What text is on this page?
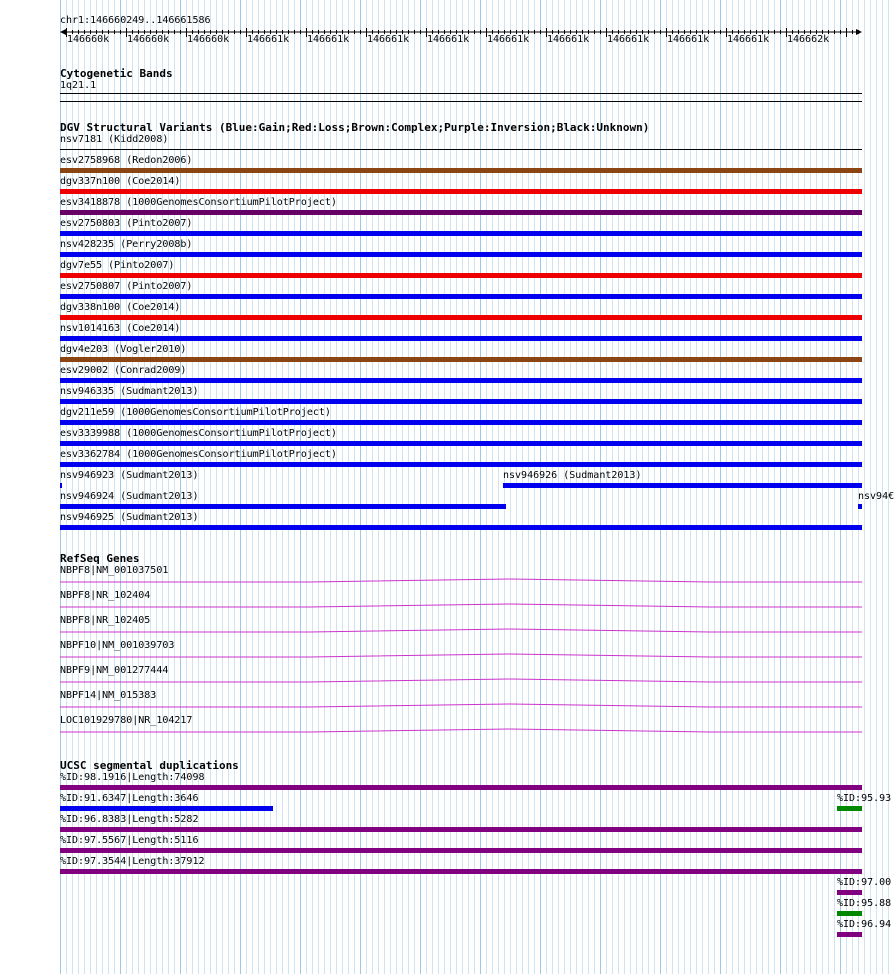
chr1:146660249..146661586
146660k 146660k 146660k 146661k 146661k 146661k 146661k 146661k 146661k 146661k 146661k 146661k 146662k
Cytogenetic Bands
1q21.1
DGV Structural Variants (Blue:Gain;Red:Loss;Brown:Complex;Purple:Inversion;Black:Unknown)
nsv7181 (Kidd2008)
esv2758968 (Redon2006)
dgv337n100 (Coe2014)
esv3418878 (1000GenomesConsortiumPilotProject)
esv2750803 (Pinto2007)
nsv428235 (Perry2008b)
dgv7e55 (Pinto2007)
esv2750807 (Pinto2007)
dgv338n100 (Coe2014)
nsv1014163 (Coe2014)
dgv4e203 (Vogler2010)
esv29002 (Conrad2009)
nsv946335 (Sudmant2013)
dgv211e59 (1000GenomesConsortiumPilotProject)
esv3339988 (1000GenomesConsortiumPilotProject)
esv3362784 (1000GenomesConsortiumPilotProject)
nsv946923 (Sudmant2013)	nsv946926 (Sudmant2013)
nsv946924 (Sudmant2013)	nsv94€
nsv946925 (Sudmant2013)
RefSeq Genes
NBPF8|NM_001037501
NBPF8|NR_102404
NBPF8|NR_102405
NBPF10|NM_001039703
NBPF9|NM_001277444
NBPF14|NM_015383
LOC101929780|NR_104217
UCSC segmental duplications
%ID:98.1916|Length:74098
%ID:91.6347|Length:3646
%ID:96.8383|Length:5282
%ID:97.5567|Length:5116
%ID:97.3544|Length:37912
%ID:95.93
%ID:97.00
%ID:95.88
%ID:96.94
